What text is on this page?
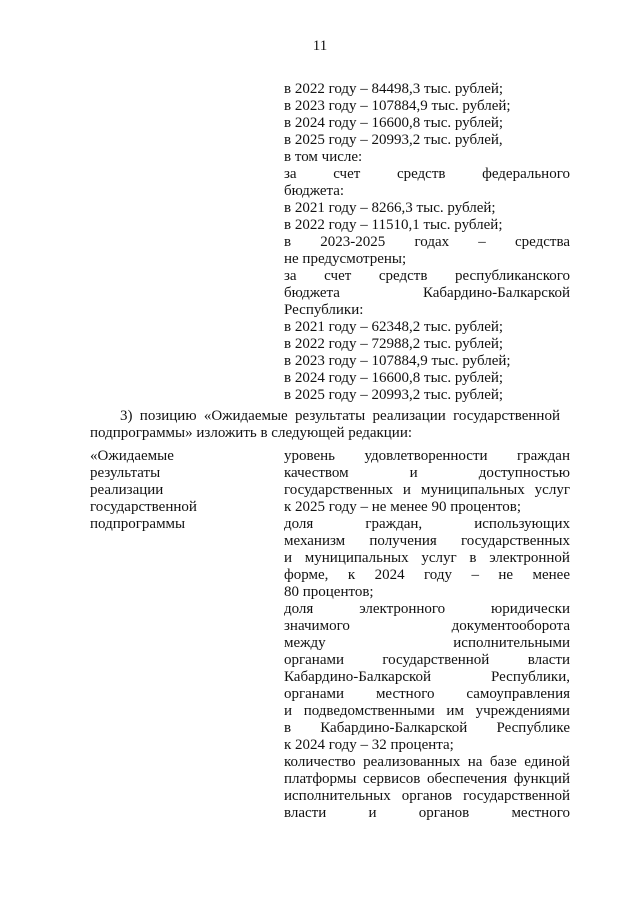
11
в 2022 году – 84498,3 тыс. рублей;
в 2023 году – 107884,9 тыс. рублей;
в 2024 году – 16600,8 тыс. рублей;
в 2025 году – 20993,2 тыс. рублей,
в том числе:
за счет средств федерального
бюджета:
в 2021 году – 8266,3 тыс. рублей;
в 2022 году – 11510,1 тыс. рублей;
в 2023-2025 годах – средства
не предусмотрены;
за счет средств республиканского
бюджета	Кабардино-Балкарской
Республики:
в 2021 году – 62348,2 тыс. рублей;
в 2022 году – 72988,2 тыс. рублей;
в 2023 году – 107884,9 тыс. рублей;
в 2024 году – 16600,8 тыс. рублей;
в 2025 году – 20993,2 тыс. рублей;
3) позицию «Ожидаемые результаты реализации государственной
подпрограммы» изложить в следующей редакции:
«Ожидаемые
результаты
реализации
государственной
подпрограммы
уровень удовлетворенности граждан
качеством	и	доступностью
государственных и муниципальных услуг
к 2025 году – не менее 90 процентов;
доля	граждан,	использующих
механизм получения государственных
и муниципальных услуг в электронной
форме, к 2024 году – не менее
80 процентов;
доля	электронного	юридически
значимого	документооборота
между	исполнительными
органами	государственной	власти
Кабардино-Балкарской	Республики,
органами местного самоуправления
и подведомственными им учреждениями
в Кабардино-Балкарской Республике
к 2024 году – 32 процента;
количество реализованных на базе единой
платформы сервисов обеспечения функций
исполнительных органов государственной
власти	и	органов	местного
